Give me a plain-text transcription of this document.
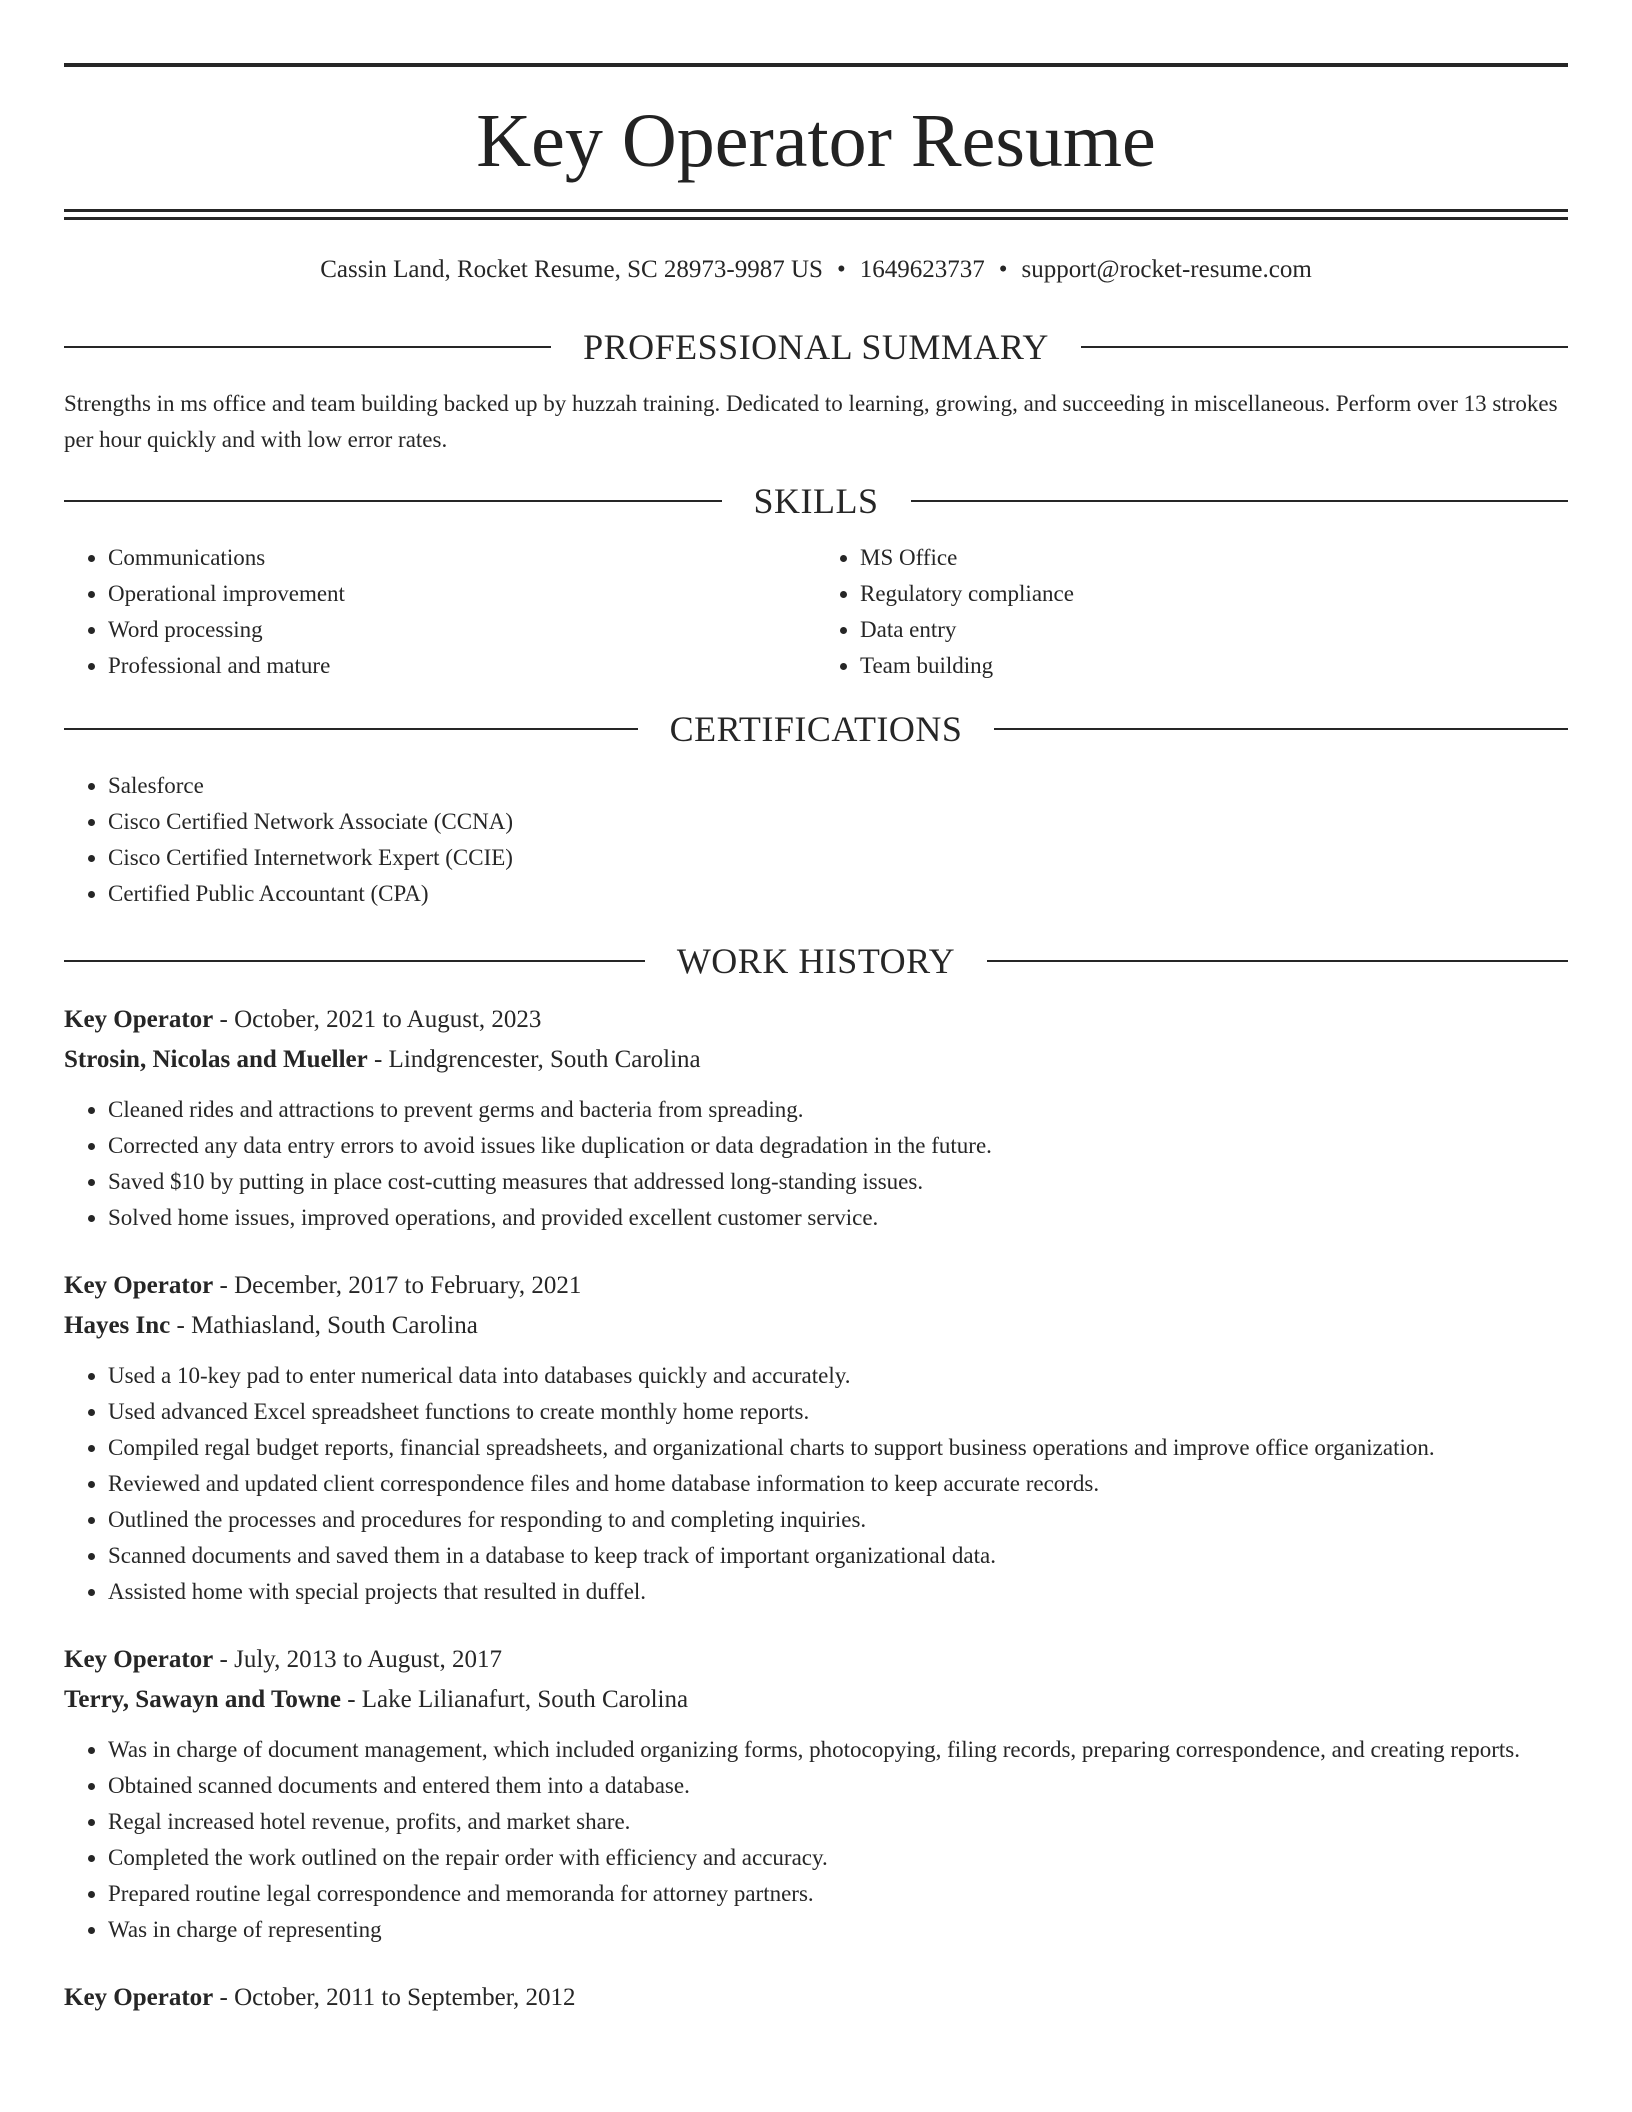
Key Operator Resume
Cassin Land, Rocket Resume, SC 28973-9987 US • 1649623737 • support@rocket-resume.com
PROFESSIONAL SUMMARY

Strengths in ms office and team building backed up by huzzah training. Dedicated to learning, growing, and succeeding in miscellaneous. Perform over 13 strokes per hour quickly and with low error rates.

SKILLS
• Communications
• Operational improvement
• Word processing
• Professional and mature
• MS Office
• Regulatory compliance
• Data entry
• Team building
CERTIFICATIONS
• Salesforce
• Cisco Certified Network Associate (CCNA)
• Cisco Certified Internetwork Expert (CCIE)
• Certified Public Accountant (CPA)
WORK HISTORY
Key Operator - October, 2021 to August, 2023
Strosin, Nicolas and Mueller - Lindgrencester, South Carolina
• Cleaned rides and attractions to prevent germs and bacteria from spreading.
• Corrected any data entry errors to avoid issues like duplication or data degradation in the future.
• Saved $10 by putting in place cost-cutting measures that addressed long-standing issues.
• Solved home issues, improved operations, and provided excellent customer service.
Key Operator - December, 2017 to February, 2021
Hayes Inc - Mathiasland, South Carolina
• Used a 10-key pad to enter numerical data into databases quickly and accurately.
• Used advanced Excel spreadsheet functions to create monthly home reports.
• Compiled regal budget reports, financial spreadsheets, and organizational charts to support business operations and improve office organization.
• Reviewed and updated client correspondence files and home database information to keep accurate records.
• Outlined the processes and procedures for responding to and completing inquiries.
• Scanned documents and saved them in a database to keep track of important organizational data.
• Assisted home with special projects that resulted in duffel.
Key Operator - July, 2013 to August, 2017
Terry, Sawayn and Towne - Lake Lilianafurt, South Carolina
• Was in charge of document management, which included organizing forms, photocopying, filing records, preparing correspondence, and creating reports.
• Obtained scanned documents and entered them into a database.
• Regal increased hotel revenue, profits, and market share.
• Completed the work outlined on the repair order with efficiency and accuracy.
• Prepared routine legal correspondence and memoranda for attorney partners.
• Was in charge of representing
Key Operator - October, 2011 to September, 2012
